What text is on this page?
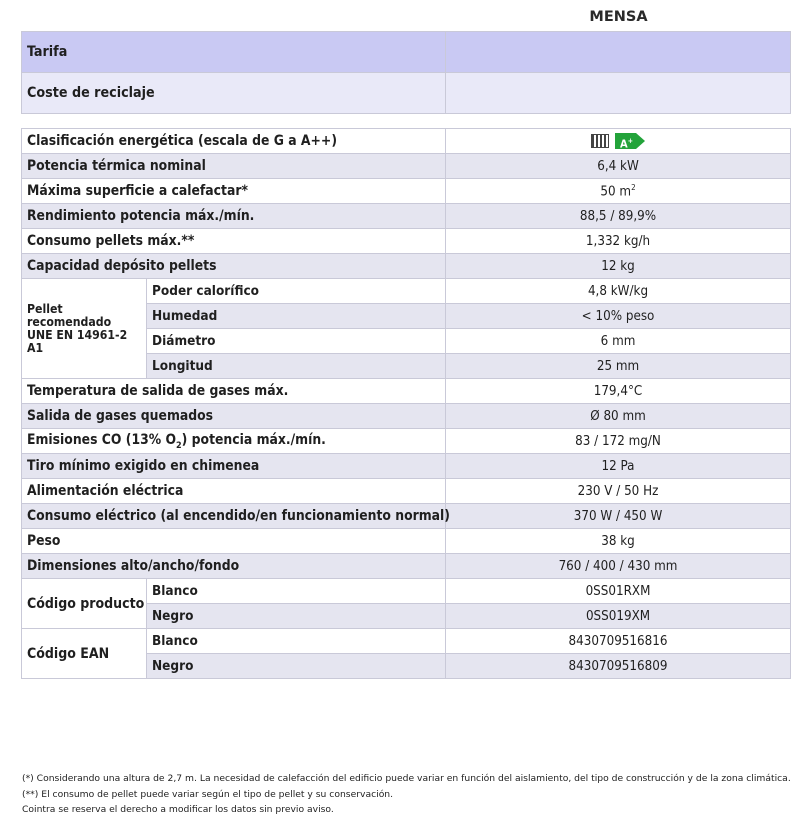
MENSA
Tarifa	
Coste de reciclaje	
Clasificación energética (escala de G a A++)		A+

Potencia térmica nominal		6,4 kW
Máxima superficie a calefactar*		50 $m^2$
Rendimiento potencia máx./mín.		88,5 / 89,9%
Consumo pellets máx.**		1,332 kg/h
Capacidad depósito pellets		12 kg

Pellet
recomendado
UNE EN 14961-2 A1	Poder calorífico	4,8 kW/kg
	Humedad	< 10% peso
	Diámetro	6 mm
	Longitud	25 mm
Temperatura de salida de gases máx.		179,4°C
Salida de gases quemados		Ø 80 mm
Emisiones CO (13% $O_2$) potencia máx./mín.		83 / 172 mg/N
Tiro mínimo exigido en chimenea		12 Pa
Alimentación eléctrica		230 V / 50 Hz
Consumo eléctrico (al encendido/en funcionamiento normal)		370 W / 450 W
Peso		38 kg
Dimensiones alto/ancho/fondo		760 / 400 / 430 mm
Código producto	Blanco	0SS01RXM
	Negro	0SS019XM
Código EAN	Blanco	8430709516816
	Negro	8430709516809
(*) Considerando una altura de 2,7 m. La necesidad de calefacción del edificio puede variar en función del aislamiento, del tipo de construcción y de la zona climática.
(**) El consumo de pellet puede variar según el tipo de pellet y su conservación.
Cointra se reserva el derecho a modificar los datos sin previo aviso.
